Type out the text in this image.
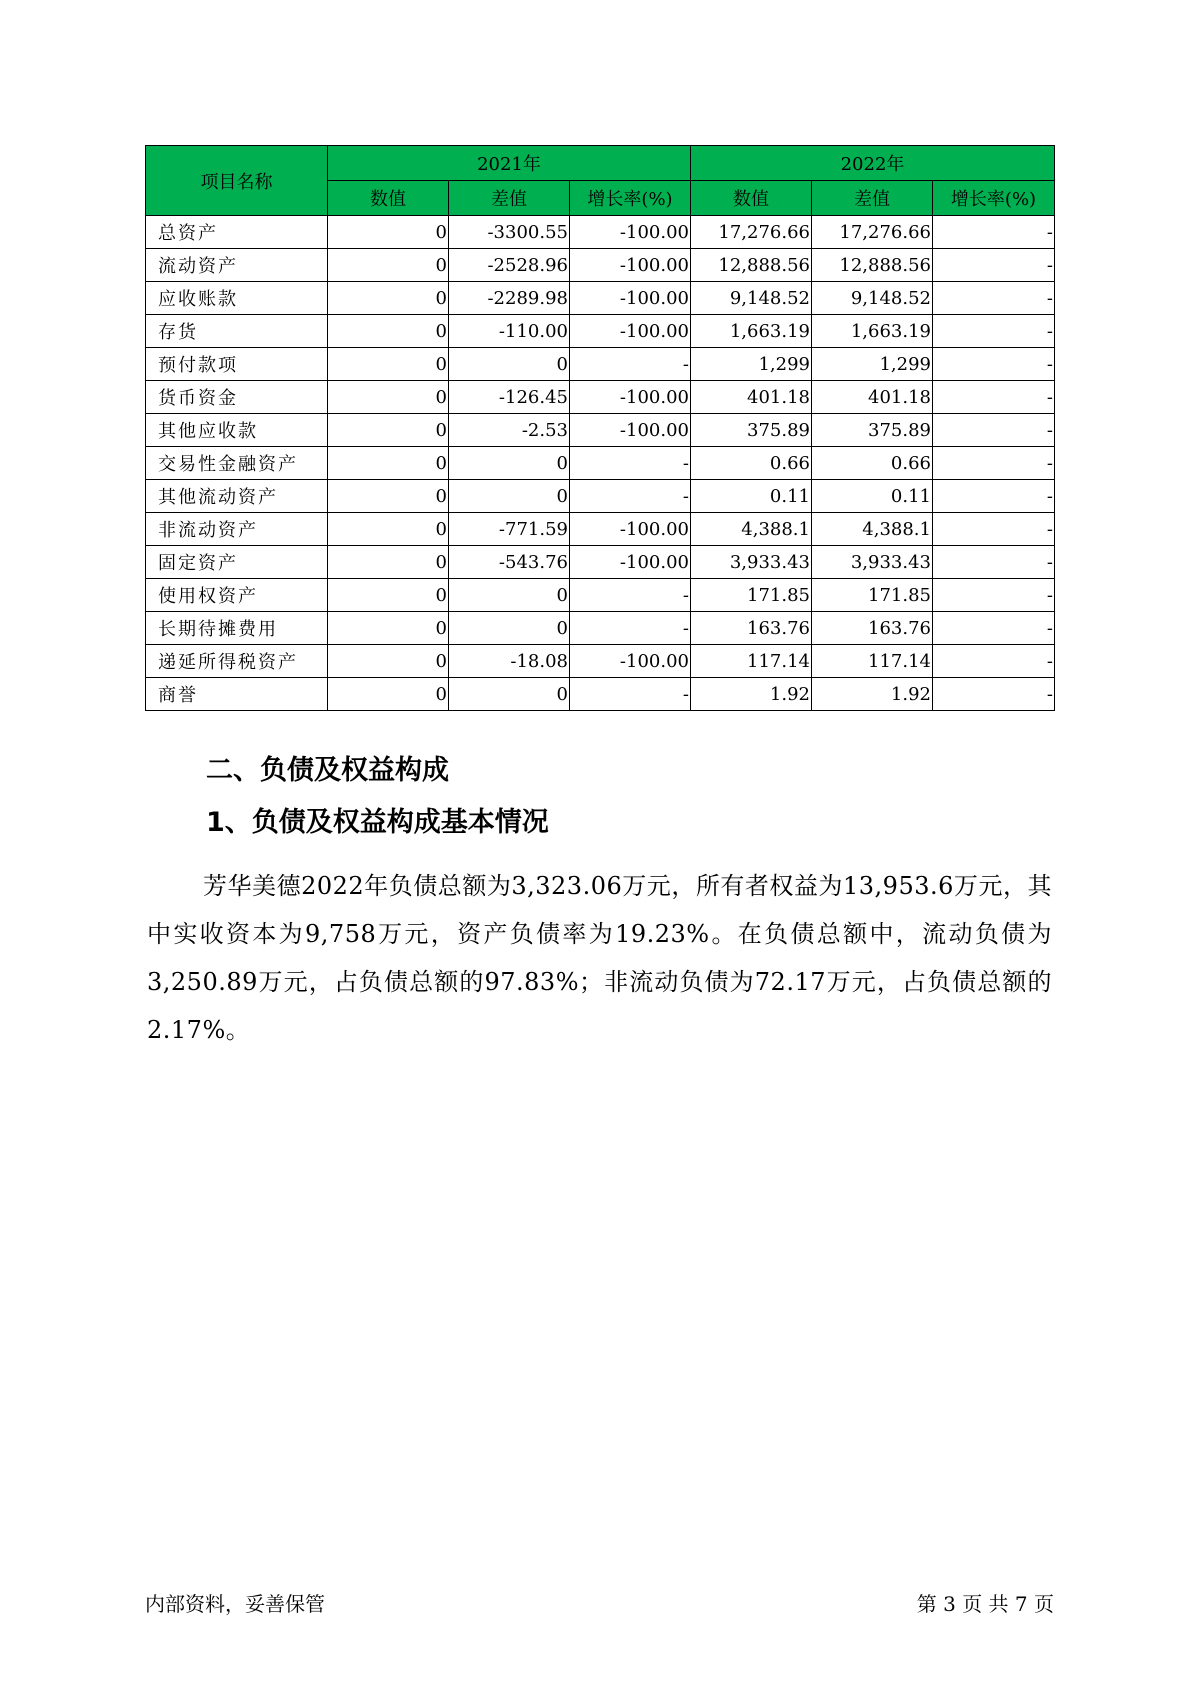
项目名称	2021年			2022年		
	数值	差值	增长率(%)	数值	差值	增长率(%)
总资产	0	-3300.55	-100.00	17,276.66	17,276.66	-
流动资产	0	-2528.96	-100.00	12,888.56	12,888.56	-
应收账款	0	-2289.98	-100.00	9,148.52	9,148.52	-
存货	0	-110.00	-100.00	1,663.19	1,663.19	-
预付款项	0	0	-	1,299	1,299	-
货币资金	0	-126.45	-100.00	401.18	401.18	-
其他应收款	0	-2.53	-100.00	375.89	375.89	-
交易性金融资产	0	0	-	0.66	0.66	-
其他流动资产	0	0	-	0.11	0.11	-
非流动资产	0	-771.59	-100.00	4,388.1	4,388.1	-
固定资产	0	-543.76	-100.00	3,933.43	3,933.43	-
使用权资产	0	0	-	171.85	171.85	-
长期待摊费用	0	0	-	163.76	163.76	-
递延所得税资产	0	-18.08	-100.00	117.14	117.14	-
商誉	0	0	-	1.92	1.92	-
二、负债及权益构成
1、负债及权益构成基本情况

芳华美德2022年负债总额为3,323.06万元，所有者权益为13,953.6万元，其中实收资本为9,758万元，资产负债率为19.23%。在负债总额中，流动负债为3,250.89万元，占负债总额的97.83%；非流动负债为72.17万元，占负债总额的2.17%。

内部资料，妥善保管	第 3 页 共 7 页
